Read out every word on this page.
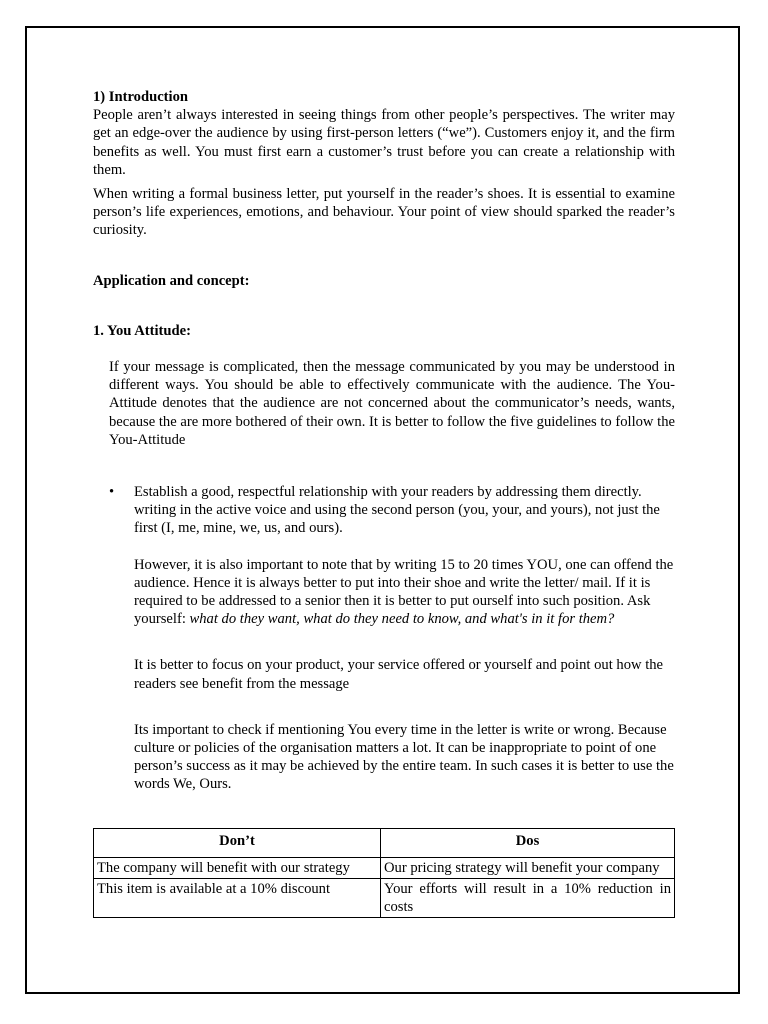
1) Introduction

People aren’t always interested in seeing things from other people’s perspectives. The writer may get an edge-over the audience by using first-person letters (“we”). Customers enjoy it, and the firm benefits as well. You must first earn a customer’s trust before you can create a relationship with them.

When writing a formal business letter, put yourself in the reader’s shoes. It is essential to examine person’s life experiences, emotions, and behaviour. Your point of view should sparked the reader’s curiosity.

Application and concept:

1. You Attitude:

If your message is complicated, then the message communicated by you may be understood in different ways. You should be able to effectively communicate with the audience. The You-Attitude denotes that the audience are not concerned about the communicator’s needs, wants, because the are more bothered of their own. It is better to follow the five guidelines to follow the You-Attitude

• Establish a good, respectful relationship with your readers by addressing them directly. writing in the active voice and using the second person (you, your, and yours), not just the first (I, me, mine, we, us, and ours).

However, it is also important to note that by writing 15 to 20 times YOU, one can offend the audience. Hence it is always better to put into their shoe and write the letter/ mail. If it is required to be addressed to a senior then it is better to put ourself into such position. Ask yourself: what do they want, what do they need to know, and what's in it for them?

It is better to focus on your product, your service offered or yourself and point out how the readers see benefit from the message

Its important to check if mentioning You every time in the letter is write or wrong. Because culture or policies of the organisation matters a lot. It can be inappropriate to point of one person’s success as it may be achieved by the entire team. In such cases it is better to use the words We, Ours.

Don’t	Dos
The company will benefit with our strategy	Our pricing strategy will benefit your company
This item is available at a 10% discount	Your efforts will result in a 10% reduction in costs
